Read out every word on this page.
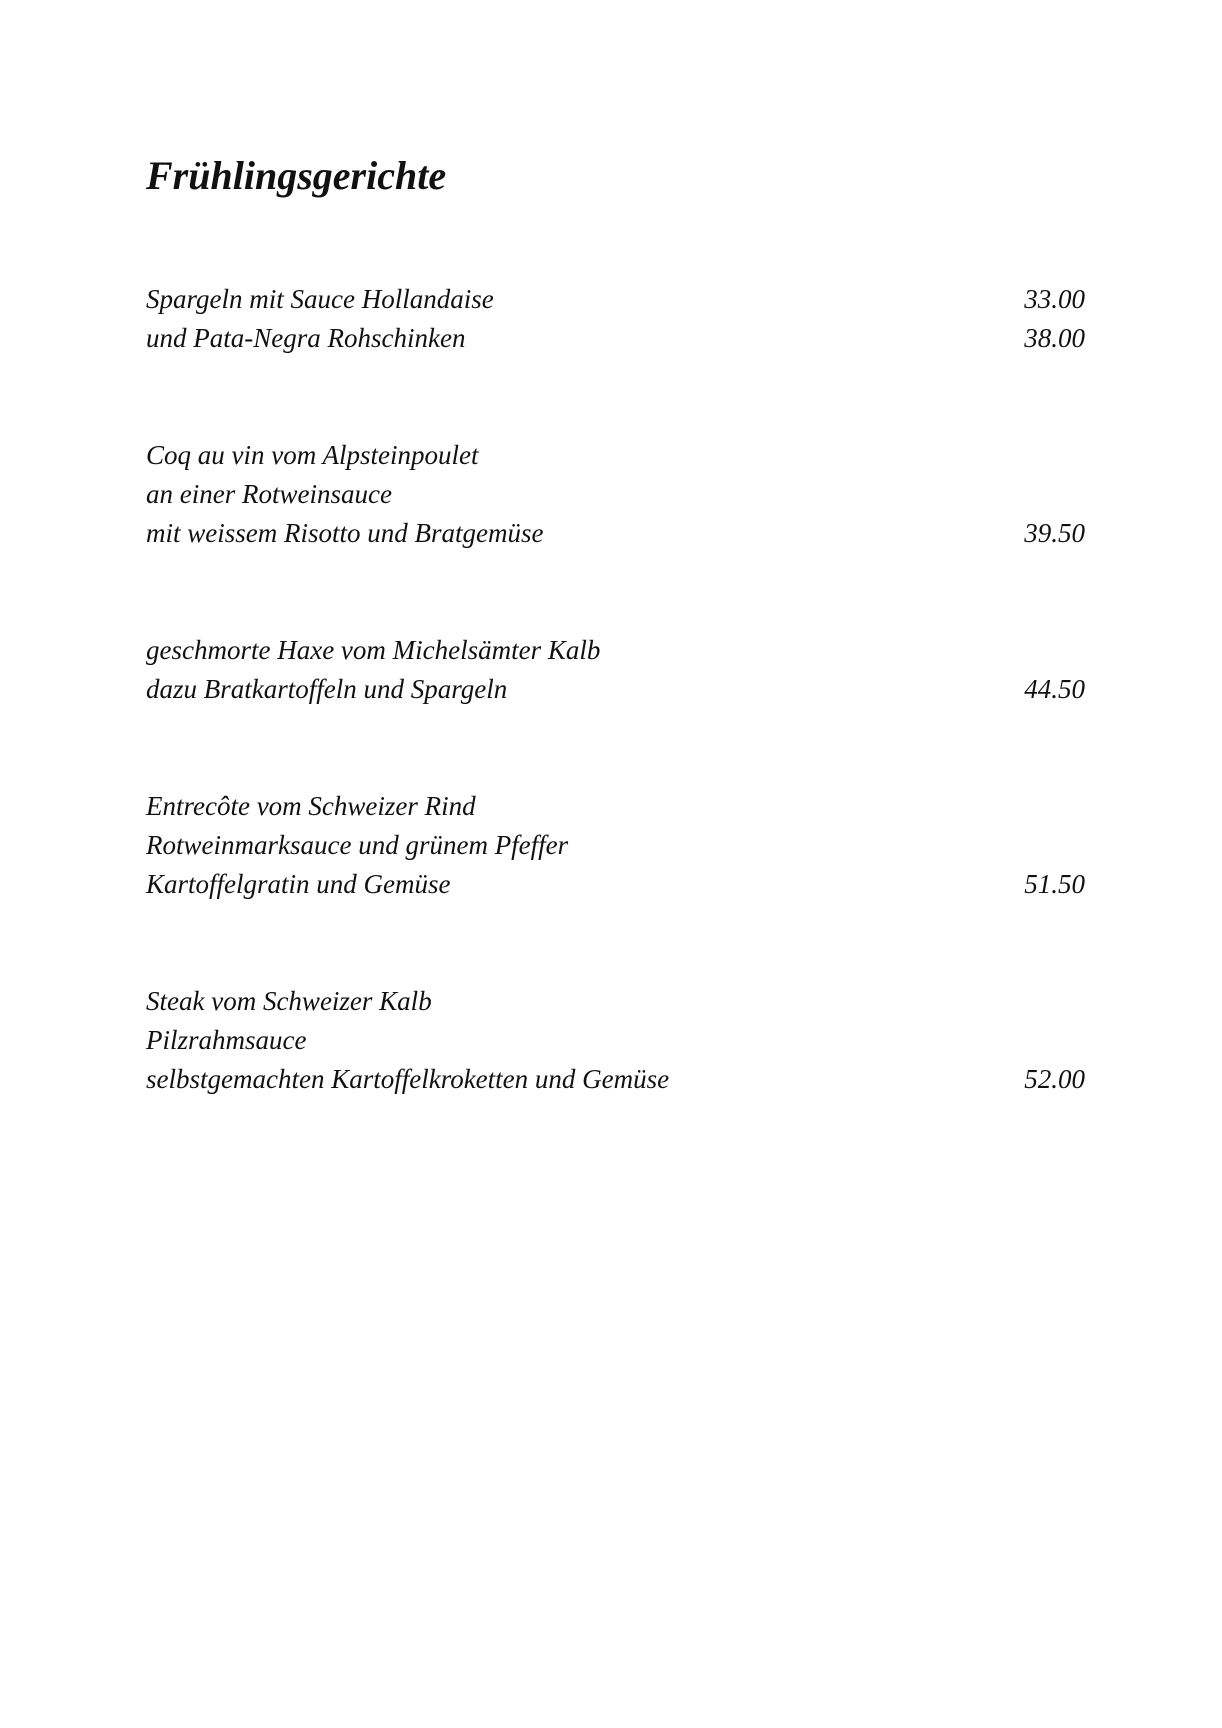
Frühlingsgerichte
Spargeln mit Sauce Hollandaise	33.00
und Pata-Negra Rohschinken	38.00
Coq au vin vom Alpsteinpoulet
an einer Rotweinsauce
mit weissem Risotto und Bratgemüse	39.50
geschmorte Haxe vom Michelsämter Kalb
dazu Bratkartoffeln und Spargeln	44.50
Entrecôte vom Schweizer Rind
Rotweinmarksauce und grünem Pfeffer
Kartoffelgratin und Gemüse	51.50
Steak vom Schweizer Kalb
Pilzrahmsauce
selbstgemachten Kartoffelkroketten und Gemüse	52.00
